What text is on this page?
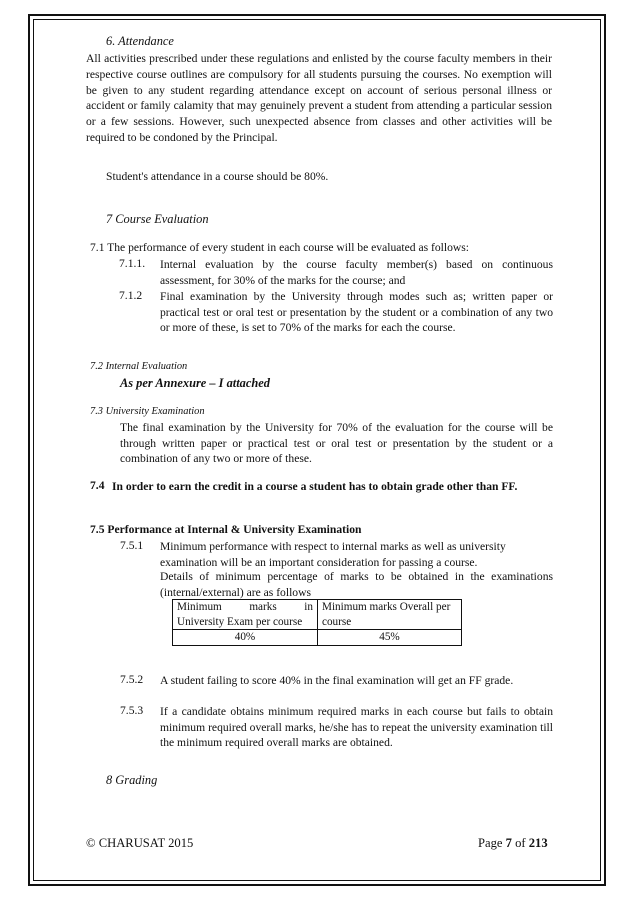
6. Attendance
All activities prescribed under these regulations and enlisted by the course faculty members in their respective course outlines are compulsory for all students pursuing the courses. No exemption will be given to any student regarding attendance except on account of serious personal illness or accident or family calamity that may genuinely prevent a student from attending a particular session or a few sessions. However, such unexpected absence from classes and other activities will be required to be condoned by the Principal.
Student's attendance in a course should be 80%.
7 Course Evaluation
7.1 The performance of every student in each course will be evaluated as follows:
7.1.1. Internal evaluation by the course faculty member(s) based on continuous assessment, for 30% of the marks for the course; and
7.1.2 Final examination by the University through modes such as; written paper or practical test or oral test or presentation by the student or a combination of any two or more of these, is set to 70% of the marks for each the course.
7.2 Internal Evaluation
As per Annexure – I attached
7.3 University Examination
The final examination by the University for 70% of the evaluation for the course will be through written paper or practical test or oral test or presentation by the student or a combination of any two or more of these.
7.4 In order to earn the credit in a course a student has to obtain grade other than FF.
7.5 Performance at Internal & University Examination
7.5.1 Minimum performance with respect to internal marks as well as university examination will be an important consideration for passing a course.
Details of minimum percentage of marks to be obtained in the examinations (internal/external) are as follows
Minimum marks in University Exam per course	Minimum marks Overall per course
40%	45%
7.5.2 A student failing to score 40% in the final examination will get an FF grade.
7.5.3 If a candidate obtains minimum required marks in each course but fails to obtain minimum required overall marks, he/she has to repeat the university examination till the minimum required overall marks are obtained.
8 Grading
© CHARUSAT 2015	Page 7 of 213
